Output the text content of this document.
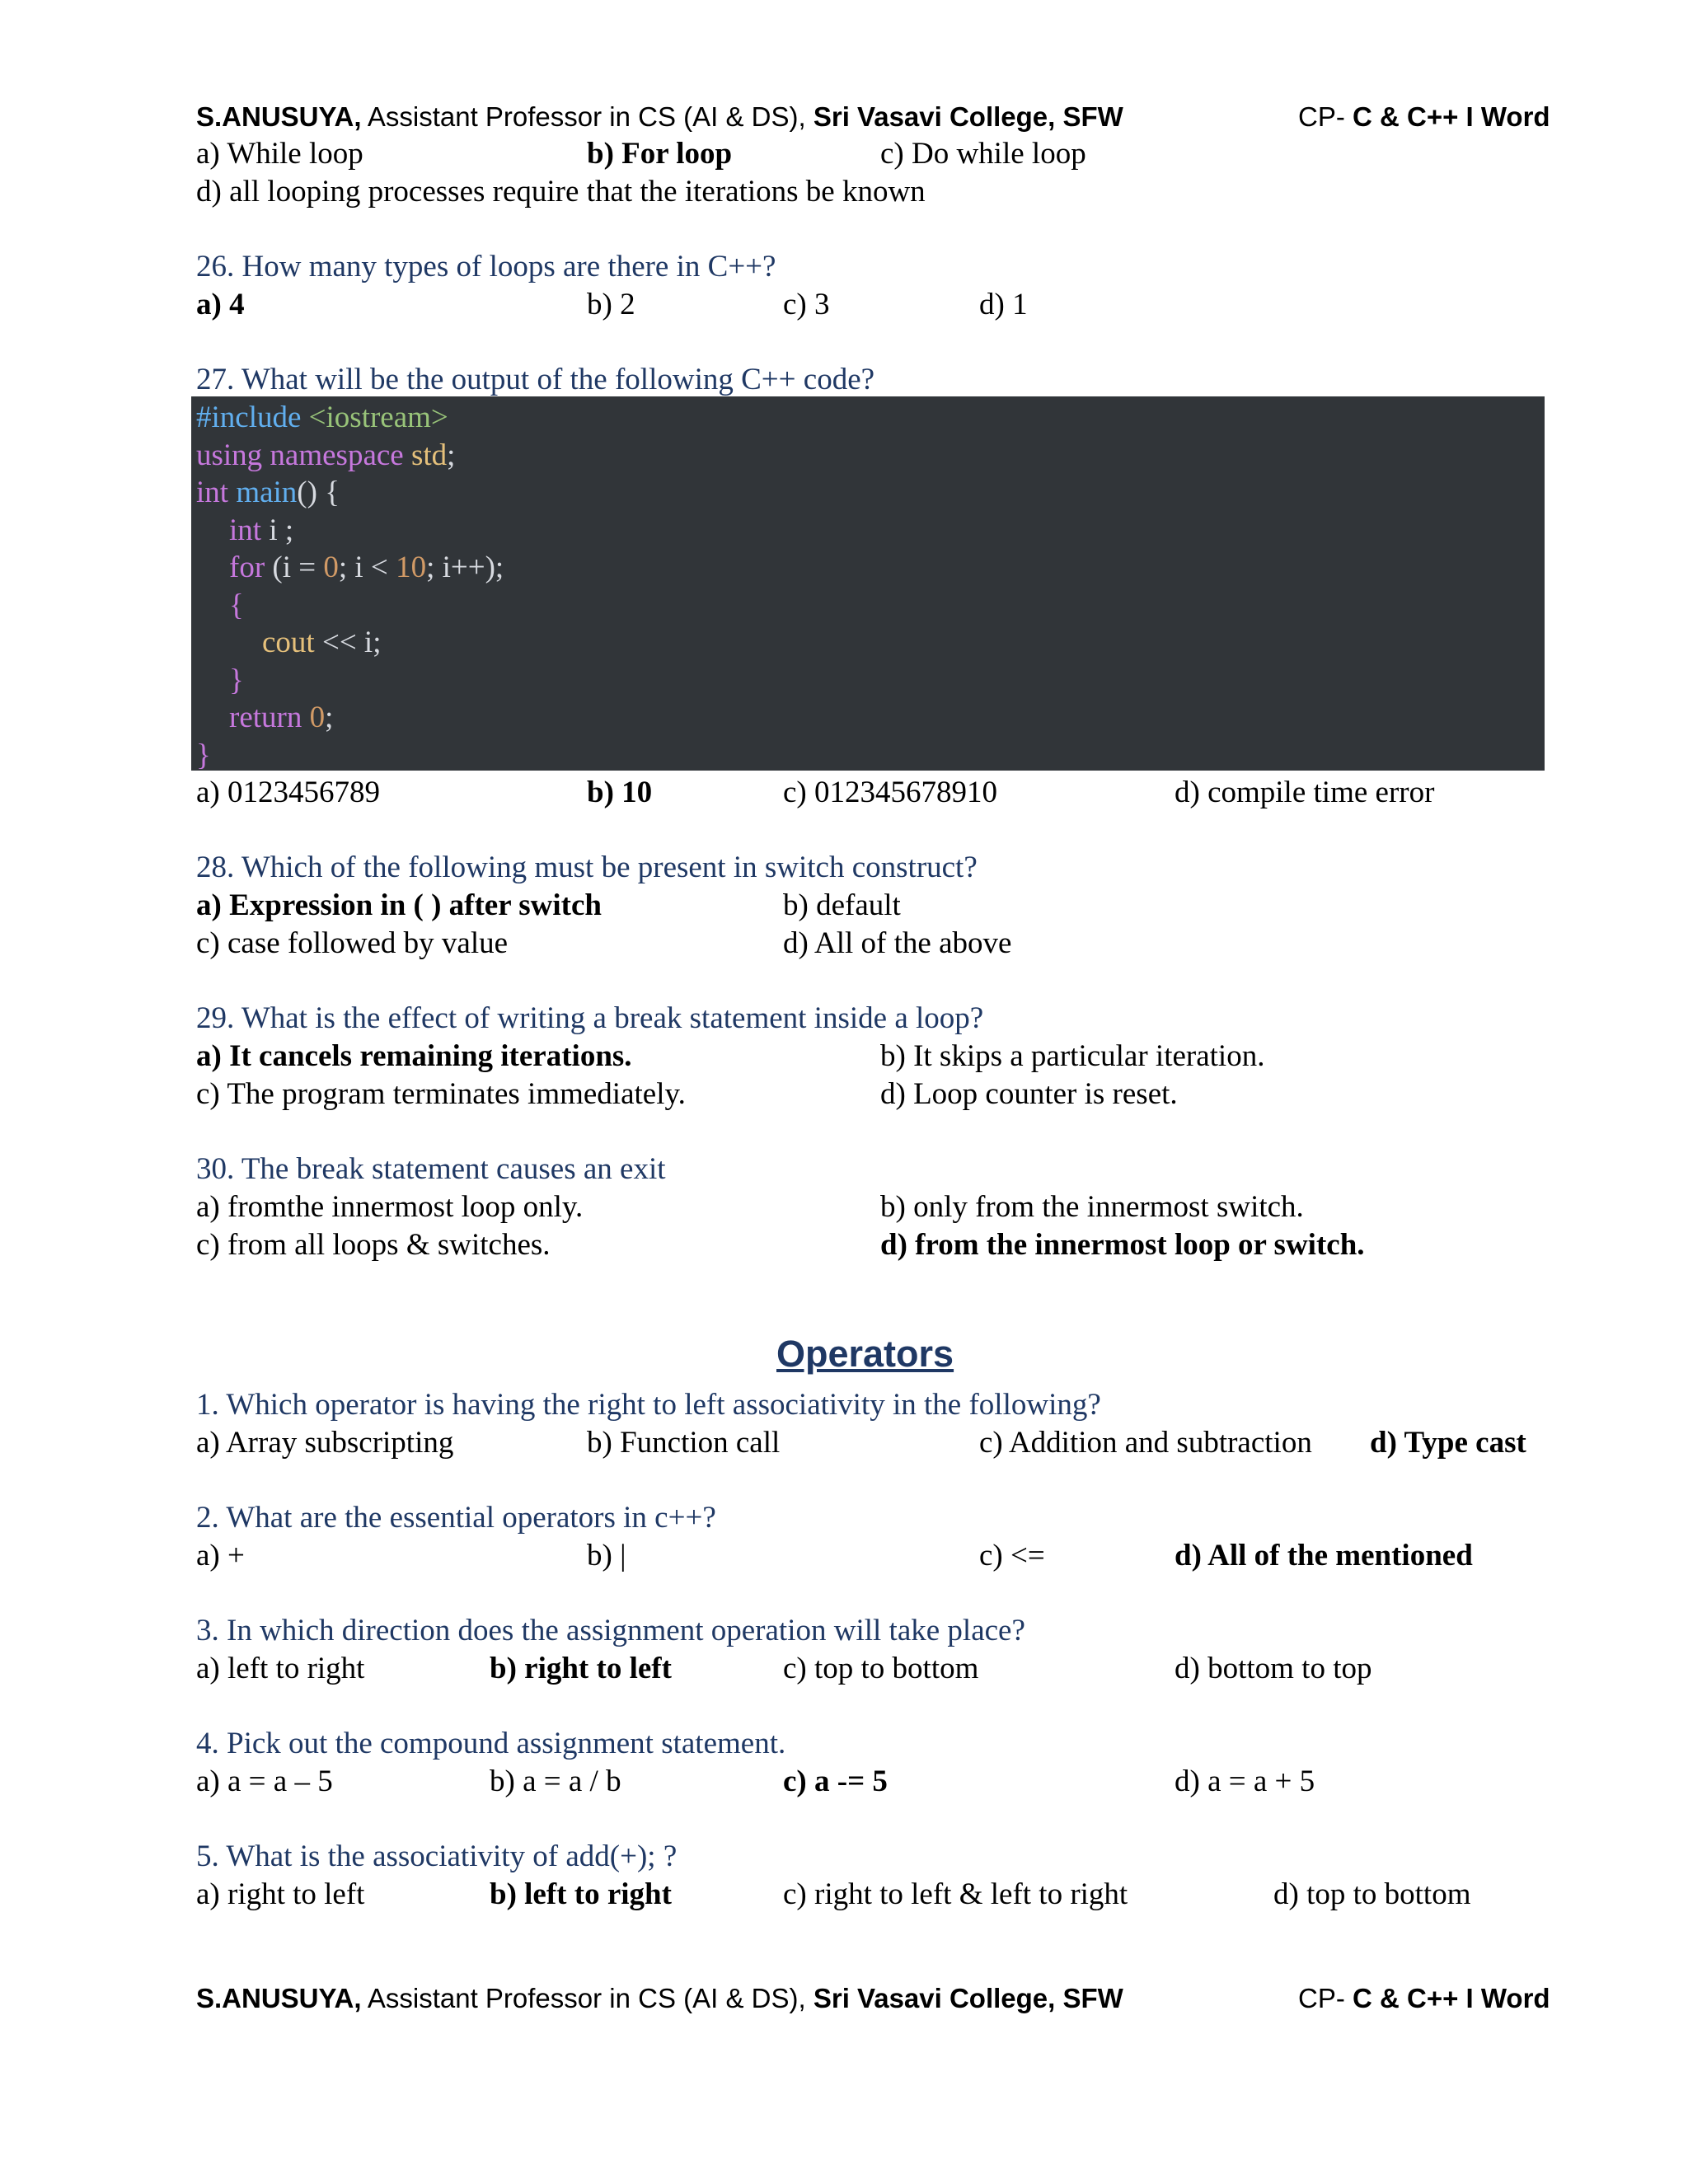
S.ANUSUYA, Assistant Professor in CS (AI & DS), Sri Vasavi College, SFW	CP- C & C++ I Word
a) While loop	b) For loop	c) Do while loop
d) all looping processes require that the iterations be known
26. How many types of loops are there in C++?
a) 4	b) 2	c) 3	d) 1
27. What will be the output of the following C++ code?
#include <iostream>
using namespace std;
int main() {
int i ;
for (i = 0; i < 10; i++);
{
cout << i;
}
return 0;
}
a) 0123456789	b) 10	c) 012345678910	d) compile time error
28. Which of the following must be present in switch construct?
a) Expression in ( ) after switch	b) default
c) case followed by value	d) All of the above
29. What is the effect of writing a break statement inside a loop?
a) It cancels remaining iterations.	b) It skips a particular iteration.
c) The program terminates immediately.	d) Loop counter is reset.
30. The break statement causes an exit
a) fromthe innermost loop only.	b) only from the innermost switch.
c) from all loops & switches.	d) from the innermost loop or switch.
Operators
1. Which operator is having the right to left associativity in the following?
a) Array subscripting	b) Function call	c) Addition and subtraction d) Type cast
2. What are the essential operators in c++?
a) +	b) |	c) <=	d) All of the mentioned
3. In which direction does the assignment operation will take place?
a) left to right	b) right to left	c) top to bottom	d) bottom to top
4. Pick out the compound assignment statement.
a) a = a – 5	b) a = a / b	c) a -= 5	d) a = a + 5
5. What is the associativity of add(+); ?
a) right to left	b) left to right	c) right to left & left to right	d) top to bottom
S.ANUSUYA, Assistant Professor in CS (AI & DS), Sri Vasavi College, SFW	CP- C & C++ I Word
